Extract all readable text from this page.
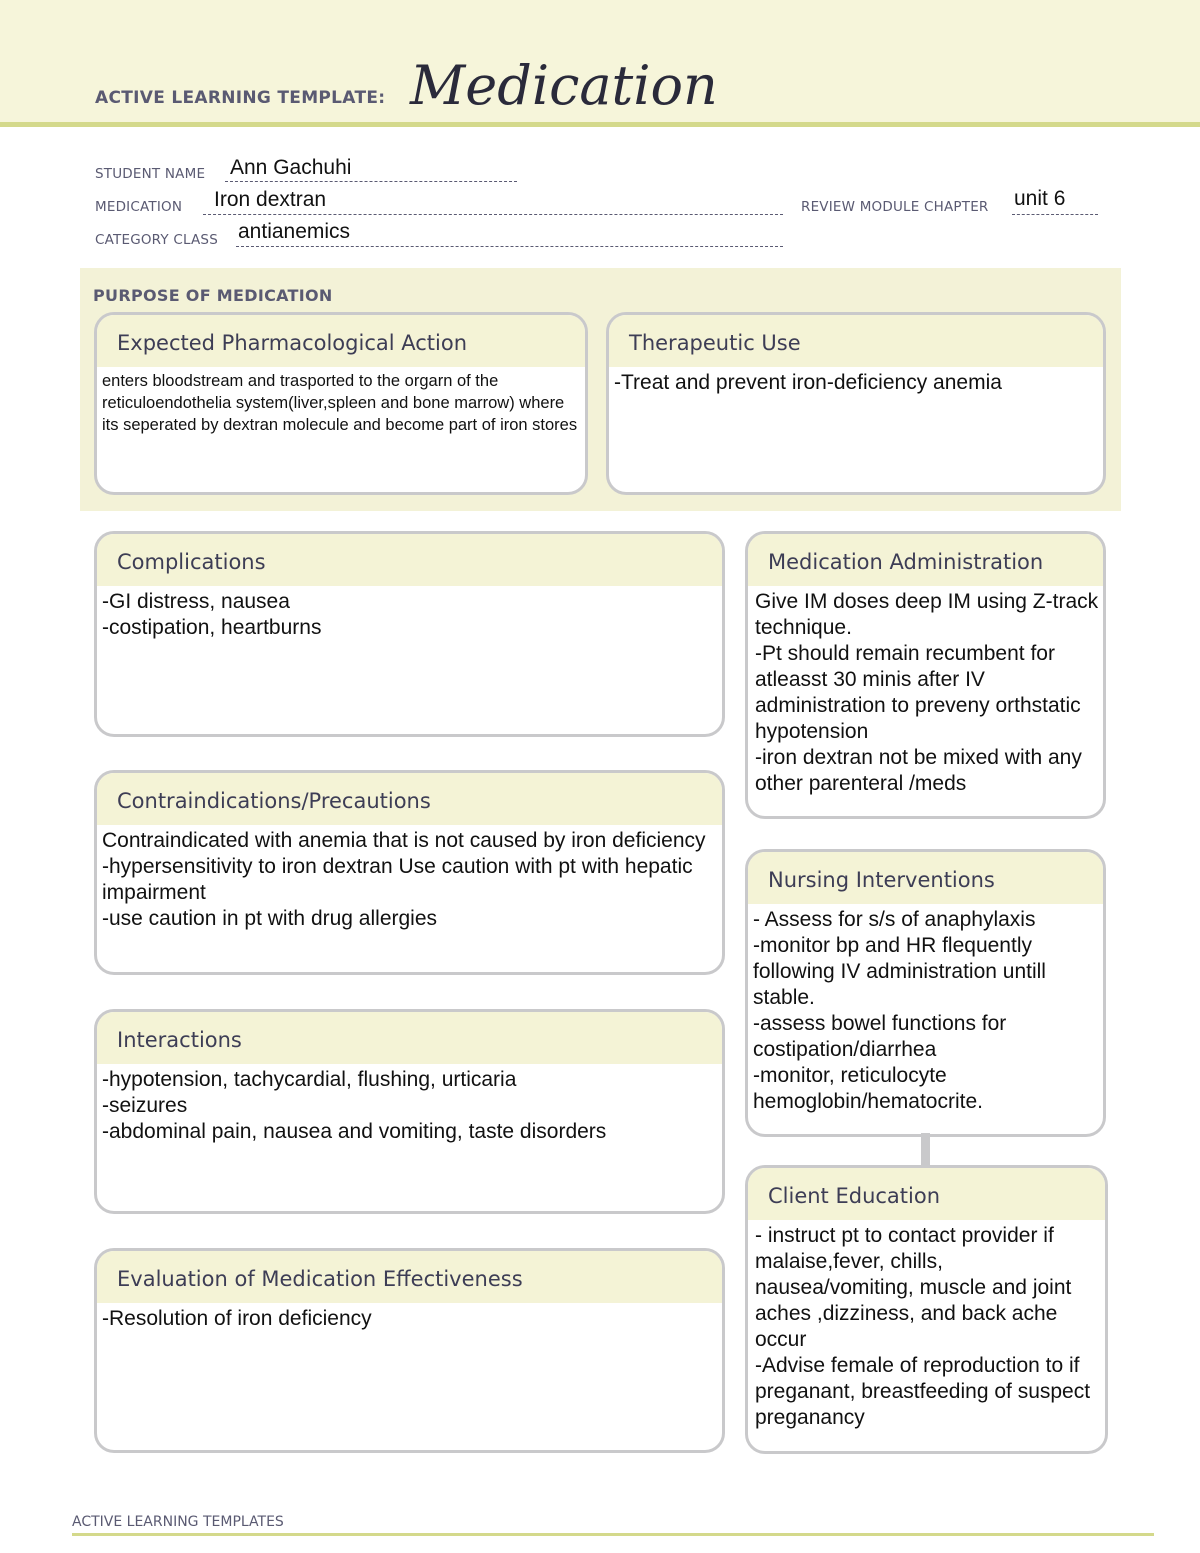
ACTIVE LEARNING TEMPLATE: Medication
STUDENT NAME Ann Gachuhi
MEDICATION Iron dextran	REVIEW MODULE CHAPTER unit 6
CATEGORY CLASS antianemics
PURPOSE OF MEDICATION
Expected Pharmacological Action
enters bloodstream and trasported to the orgarn of the reticuloendothelia system(liver,spleen and bone marrow) where its seperated by dextran molecule and become part of iron stores
Therapeutic Use
-Treat and prevent iron-deficiency anemia
Complications
-GI distress, nausea
-costipation, heartburns
Contraindications/Precautions
Contraindicated with anemia that is not caused by iron deficiency
-hypersensitivity to iron dextran Use caution with pt with hepatic impairment
-use caution in pt with drug allergies
Interactions
-hypotension, tachycardial, flushing, urticaria
-seizures
-abdominal pain, nausea and vomiting, taste disorders
Evaluation of Medication Effectiveness
-Resolution of iron deficiency
Medication Administration
Give IM doses deep IM using Z-track technique.
-Pt should remain recumbent for atleasst 30 minis after IV administration to preveny orthstatic hypotension
-iron dextran not be mixed with any other parenteral /meds
Nursing Interventions
- Assess for s/s of anaphylaxis
-monitor bp and HR flequently following IV administration untill stable.
-assess bowel functions for costipation/diarrhea
-monitor, reticulocyte hemoglobin/hematocrite.
Client Education
- instruct pt to contact provider if malaise,fever, chills, nausea/vomiting, muscle and joint aches ,dizziness, and back ache occur
-Advise female of reproduction to if preganant, breastfeeding of suspect preganancy
ACTIVE LEARNING TEMPLATES
